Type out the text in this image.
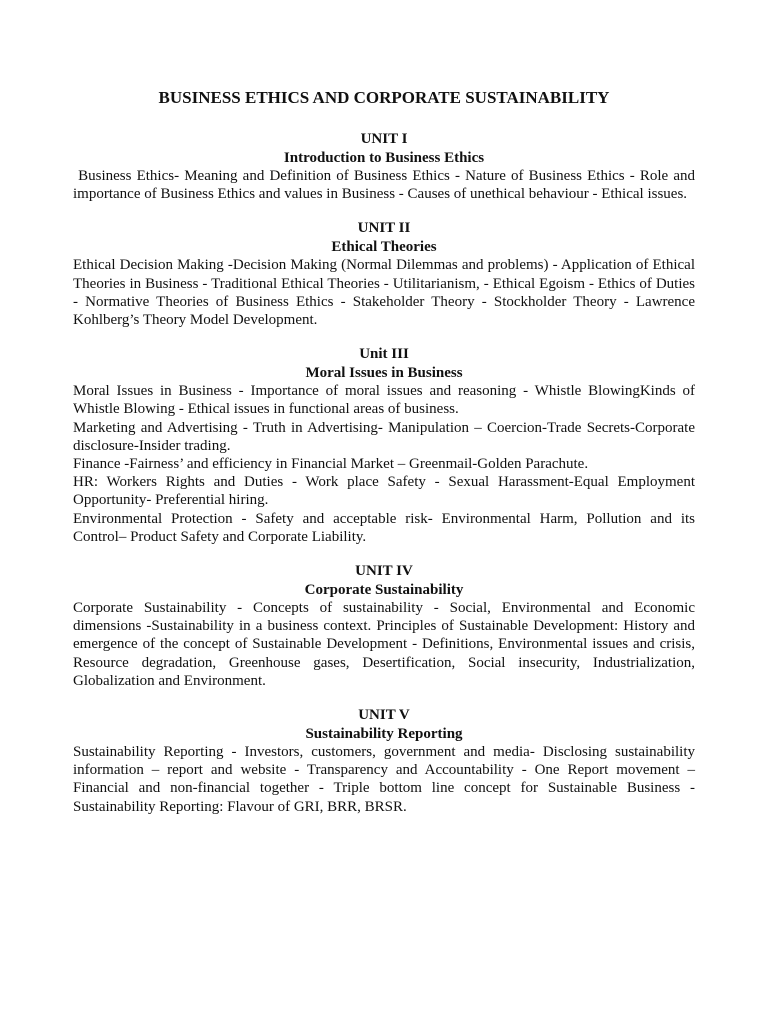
BUSINESS ETHICS AND CORPORATE SUSTAINABILITY
UNIT I
Introduction to Business Ethics

Business Ethics- Meaning and Definition of Business Ethics - Nature of Business Ethics - Role and importance of Business Ethics and values in Business - Causes of unethical behaviour - Ethical issues.

UNIT II
Ethical Theories

Ethical Decision Making -Decision Making (Normal Dilemmas and problems) - Application of Ethical Theories in Business - Traditional Ethical Theories - Utilitarianism, - Ethical Egoism - Ethics of Duties - Normative Theories of Business Ethics - Stakeholder Theory - Stockholder Theory - Lawrence Kohlberg’s Theory Model Development.

Unit III
Moral Issues in Business

Moral Issues in Business - Importance of moral issues and reasoning - Whistle BlowingKinds of Whistle Blowing - Ethical issues in functional areas of business.

Marketing and Advertising - Truth in Advertising- Manipulation – Coercion-Trade Secrets-Corporate disclosure-Insider trading.

Finance -Fairness’ and efficiency in Financial Market – Greenmail-Golden Parachute.

HR: Workers Rights and Duties - Work place Safety - Sexual Harassment-Equal Employment Opportunity- Preferential hiring.

Environmental Protection - Safety and acceptable risk- Environmental Harm, Pollution and its Control– Product Safety and Corporate Liability.

UNIT IV
Corporate Sustainability

Corporate Sustainability - Concepts of sustainability - Social, Environmental and Economic dimensions -Sustainability in a business context. Principles of Sustainable Development: History and emergence of the concept of Sustainable Development - Definitions, Environmental issues and crisis, Resource degradation, Greenhouse gases, Desertification, Social insecurity, Industrialization, Globalization and Environment.

UNIT V
Sustainability Reporting

Sustainability Reporting - Investors, customers, government and media- Disclosing sustainability information – report and website - Transparency and Accountability - One Report movement – Financial and non-financial together - Triple bottom line concept for Sustainable Business - Sustainability Reporting: Flavour of GRI, BRR, BRSR.
